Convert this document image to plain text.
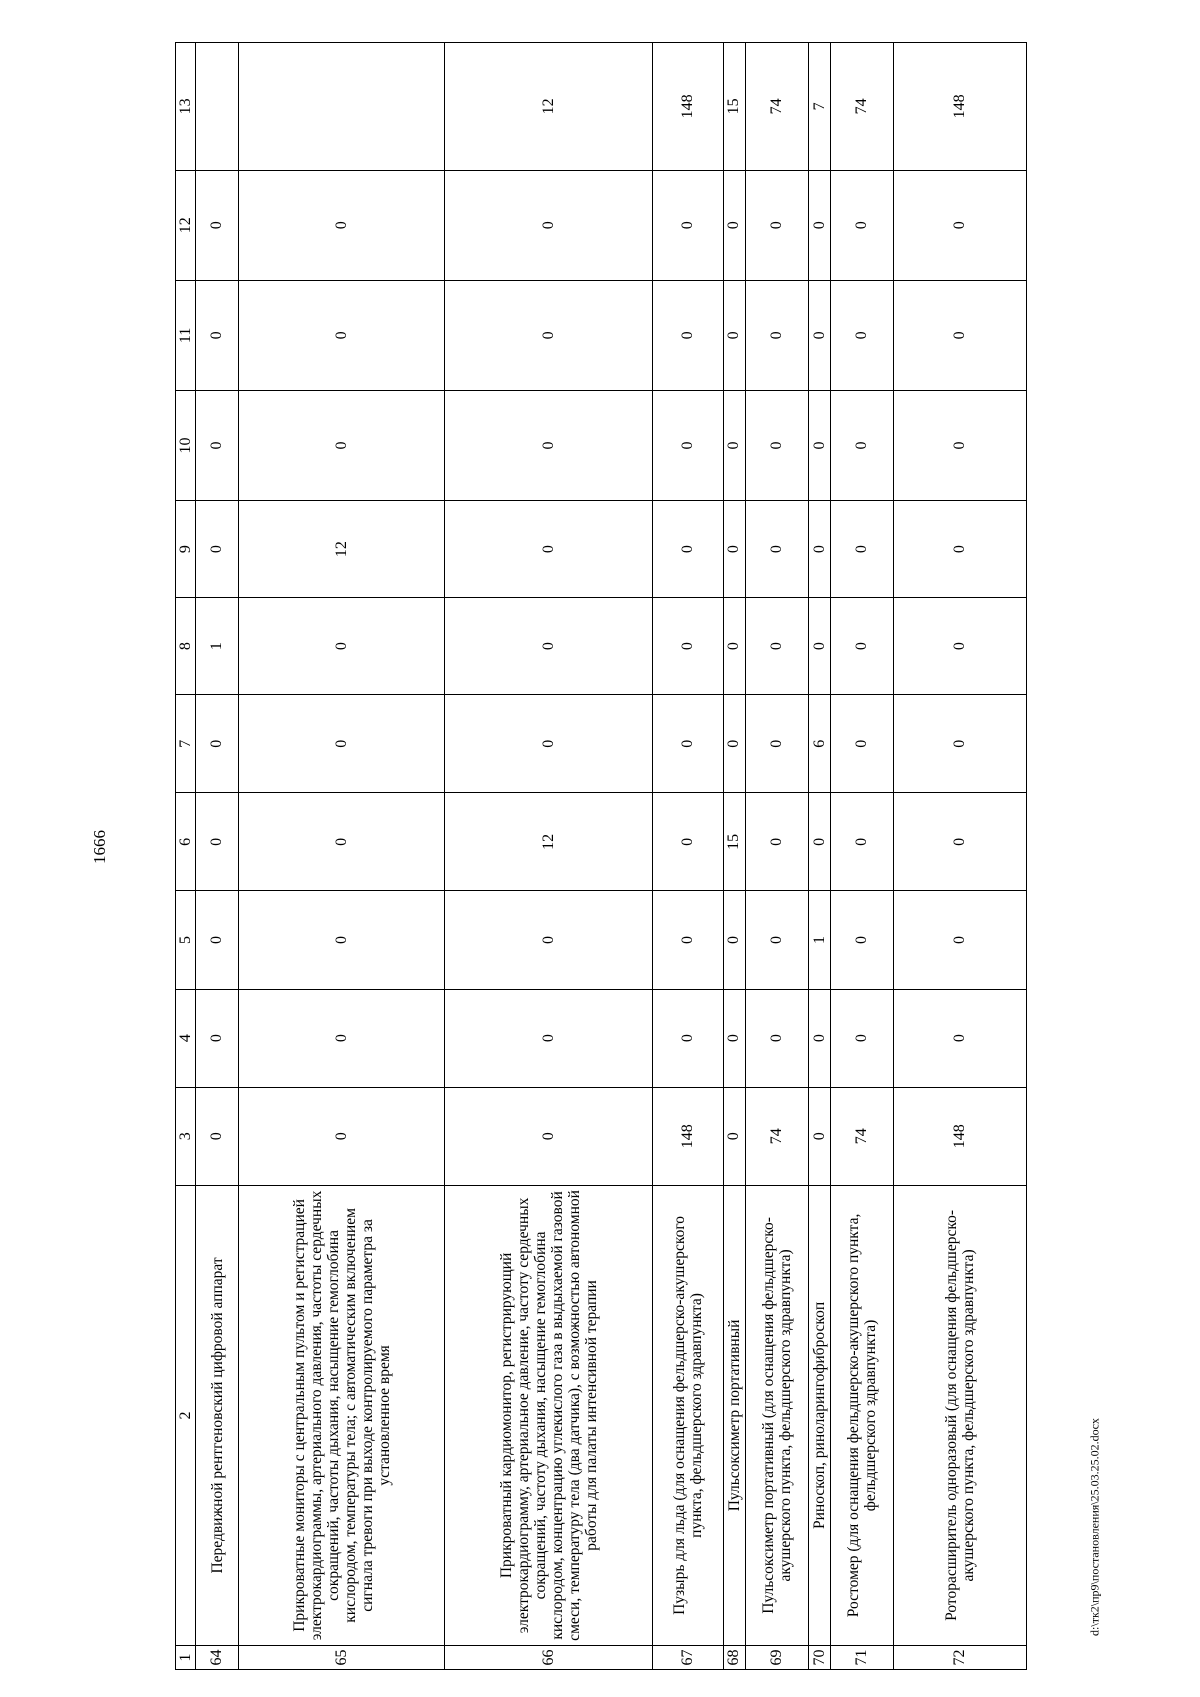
1666
1	2	3	4	5	6	7	8	9	10	11	12	13
64	Передвижной рентгеновский цифровой аппарат	0	0	0	0	0	1	0	0	0	0	
65	Прикроватные мониторы с центральным пультом и регистрацией электрокардиограммы, артериального давления, частоты сердечных сокращений, частоты дыхания, насыщение гемоглобина кислородом, температуры тела; с автоматическим включением сигнала тревоги при выходе контролируемого параметра за установленное время	0	0	0	0	0	0	12	0	0	0	
66	Прикроватный кардиомонитор, регистрирующий электрокардиограмму, артериальное давление, частоту сердечных сокращений, частоту дыхания, насыщение гемоглобина кислородом, концентрацию углекислого газа в выдыхаемой газовой смеси, температуру тела (два датчика), с возможностью автономной работы для палаты интенсивной терапии	0	0	0	12	0	0	0	0	0	0	12
67	Пузырь для льда (для оснащения фельдшерско-акушерского пункта, фельдшерского здравпункта)	148	0	0	0	0	0	0	0	0	0	148
68	Пульсоксиметр портативный	0	0	0	15	0	0	0	0	0	0	15
69	Пульсоксиметр портативный (для оснащения фельдшерско-акушерского пункта, фельдшерского здравпункта)	74	0	0	0	0	0	0	0	0	0	74
70	Риноскоп, риноларингофиброскоп	0	0	1	0	6	0	0	0	0	0	7
71	Ростомер (для оснащения фельдшерско-акушерского пункта, фельдшерского здравпункта)	74	0	0	0	0	0	0	0	0	0	74
72	Роторасширитель одноразовый (для оснащения фельдшерско-акушерского пункта, фельдшерского здравпункта)	148	0	0	0	0	0	0	0	0	0	148
d:\тк2\пр9\постановления\25.03.25.02.docx
